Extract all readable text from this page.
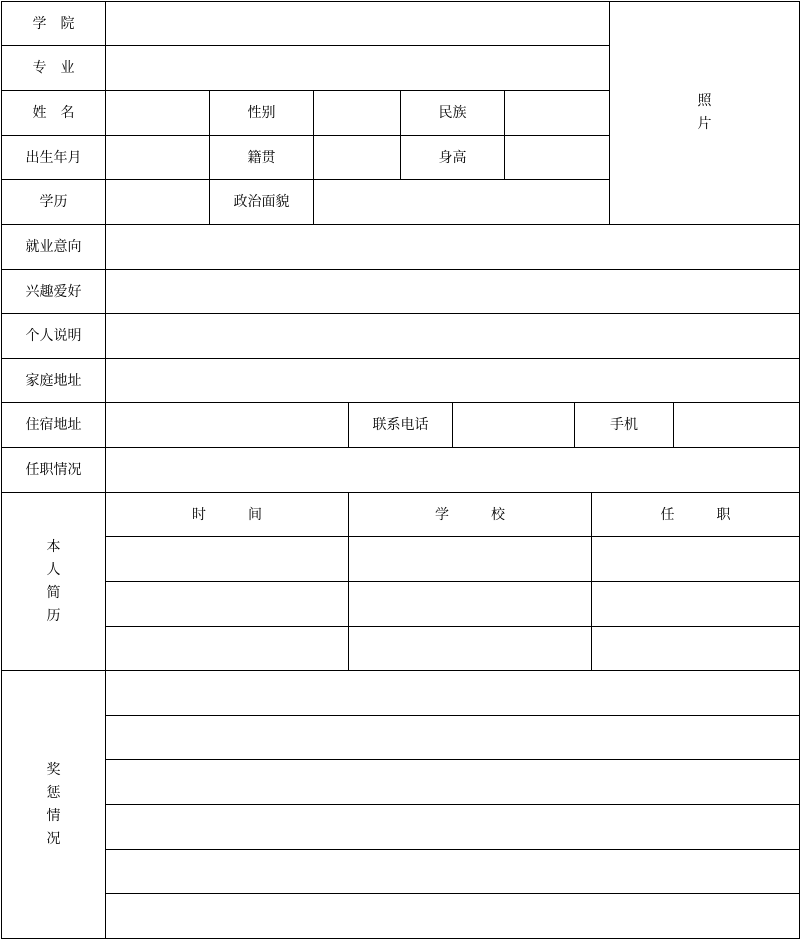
学　院
专　业
姓　名	性别	民族
出生年月	籍贯	身高
学历	政治面貌
照
片
就业意向
兴趣爱好
个人说明
家庭地址
住宿地址	联系电话	手机
任职情况
本
人
简
历
时　　　间	学　　　校	任　　　职
奖
惩
情
况
